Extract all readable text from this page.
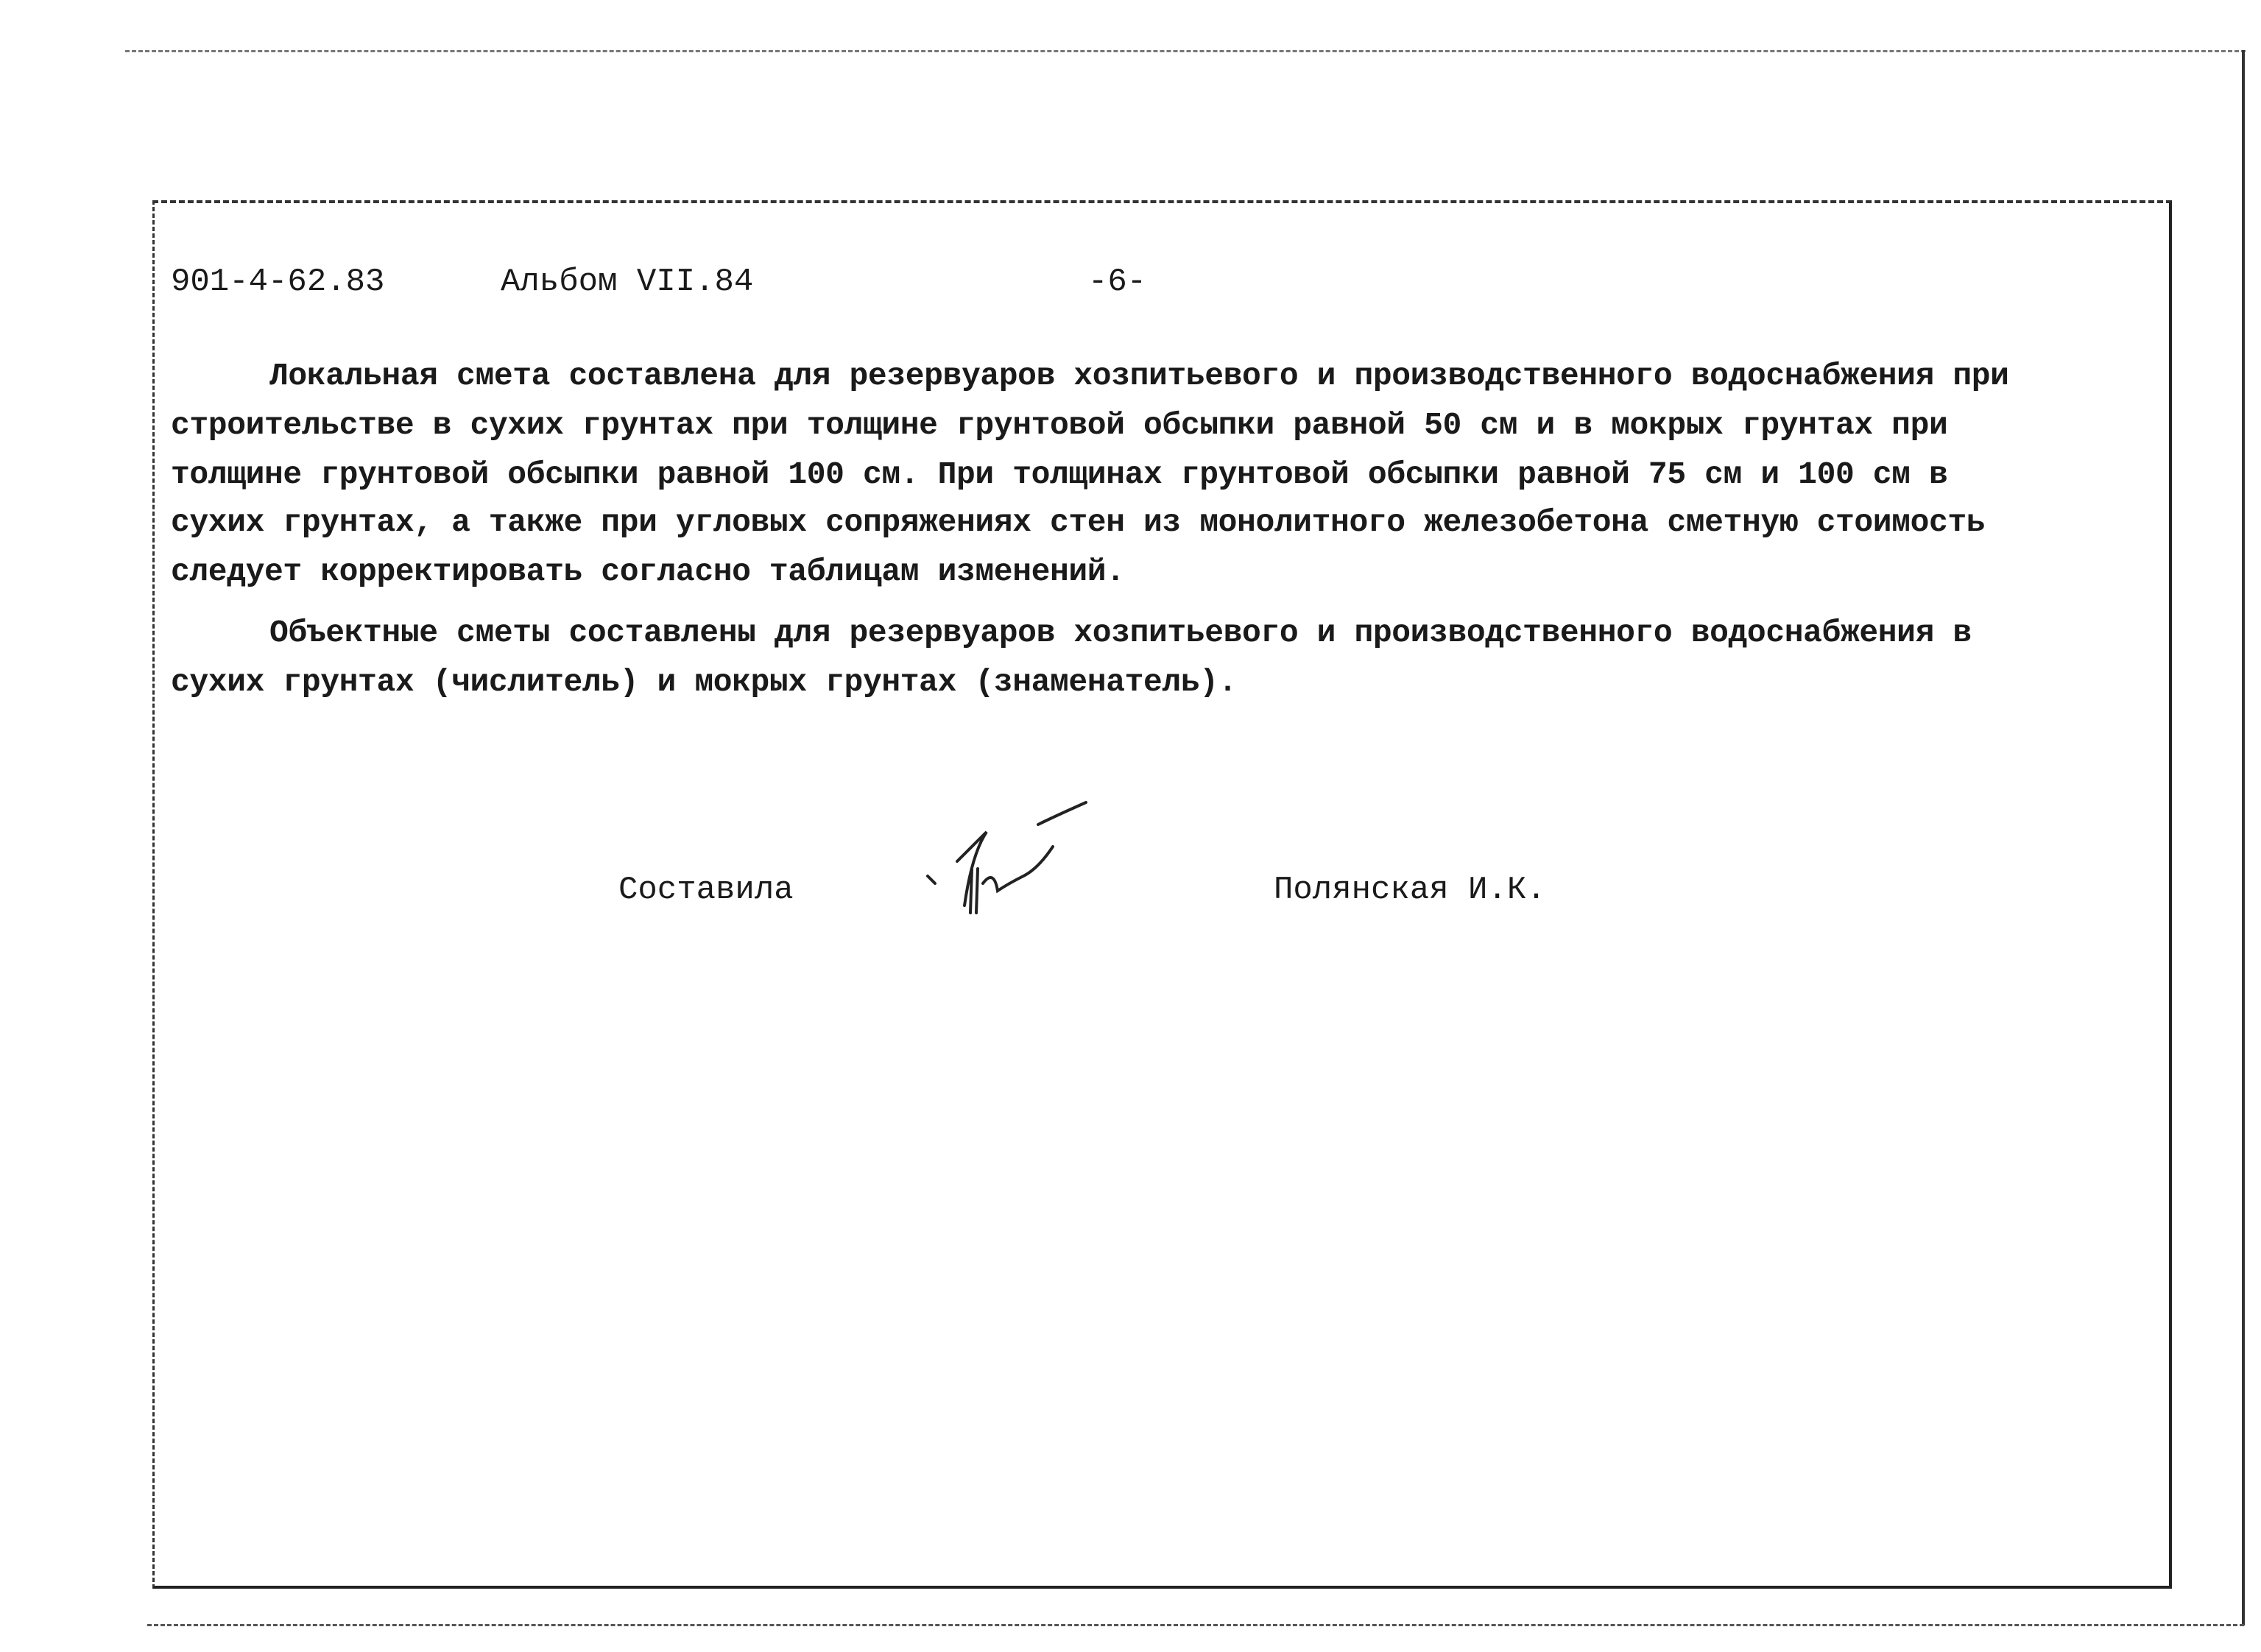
901-4-62.83	Альбом VII.84	-6-
Локальная смета составлена для резервуаров хозпитьевого и производственного водоснабжения при
строительстве в сухих грунтах при толщине грунтовой обсыпки равной 50 см и в мокрых грунтах при
толщине грунтовой обсыпки равной 100 см. При толщинах грунтовой обсыпки равной 75 см и 100 см в
сухих грунтах, а также при угловых сопряжениях стен из монолитного железобетона сметную стоимость
следует корректировать согласно таблицам изменений.
Объектные сметы составлены для резервуаров хозпитьевого и производственного водоснабжения в
сухих грунтах (числитель) и мокрых грунтах (знаменатель).
Составила	Полянская И.К.
